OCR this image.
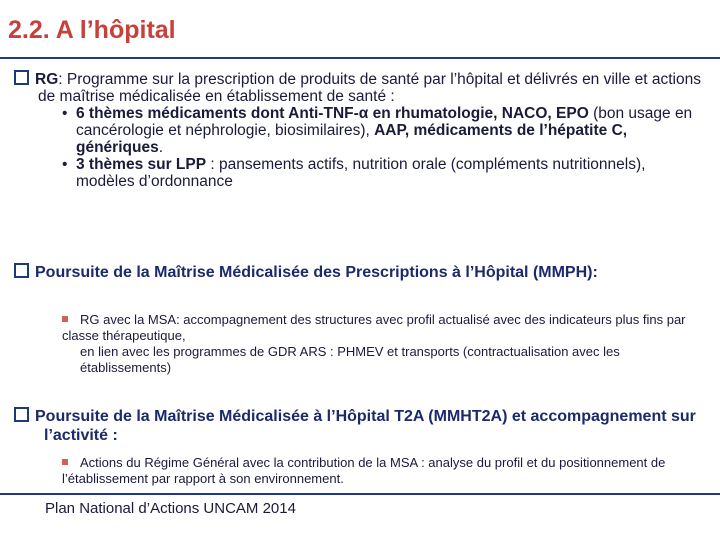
2.2. A l’hôpital
RG: Programme sur la prescription de produits de santé par l’hôpital et délivrés en ville et actions de maîtrise médicalisée en établissement de santé :
• 6 thèmes médicaments dont Anti-TNF-α en rhumatologie, NACO, EPO (bon usage en cancérologie et néphrologie, biosimilaires), AAP, médicaments de l’hépatite C, génériques.
• 3 thèmes sur LPP : pansements actifs, nutrition orale (compléments nutritionnels), modèles d’ordonnance
Poursuite de la Maîtrise Médicalisée des Prescriptions à l’Hôpital (MMPH):
RG avec la MSA: accompagnement des structures avec profil actualisé avec des indicateurs plus fins par classe thérapeutique,
en lien avec les programmes de GDR ARS : PHMEV et transports (contractualisation avec les établissements)
Poursuite de la Maîtrise Médicalisée à l’Hôpital T2A (MMHT2A) et accompagnement sur l’activité :
Actions du Régime Général avec la contribution de la MSA : analyse du profil et du positionnement de l’établissement par rapport à son environnement.
Plan National d’Actions UNCAM 2014
